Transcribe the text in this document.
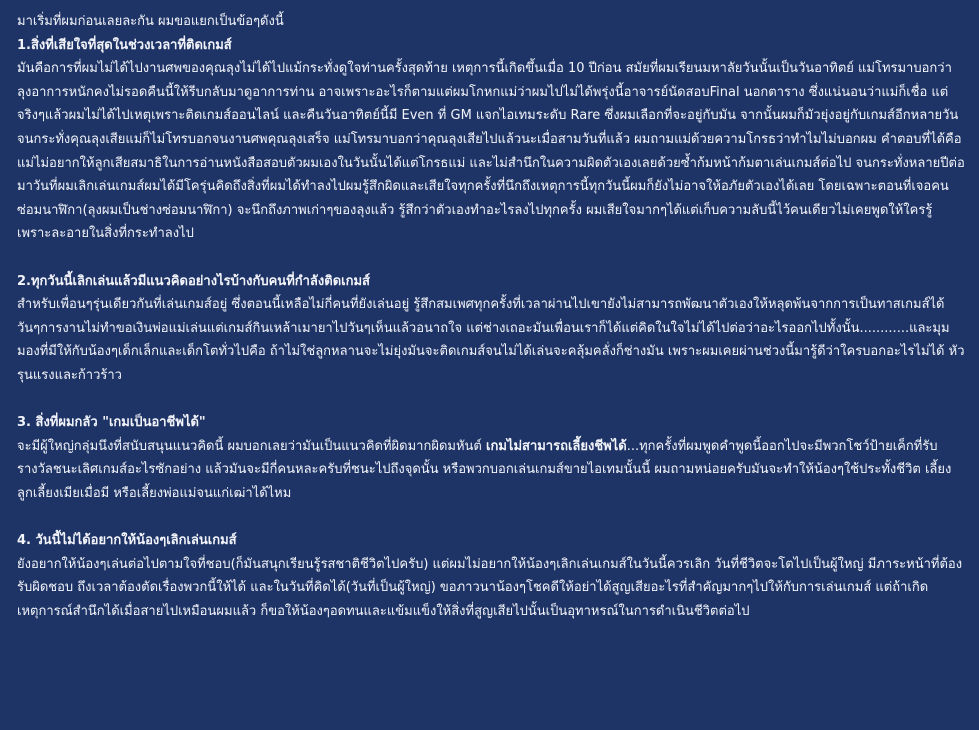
มาเริ่มที่ผมก่อนเลยละกัน ผมขอแยกเป็นข้อๆดังนี้

1.สิ่งที่เสียใจที่สุดในช่วงเวลาที่ติดเกมส์

มันคือการที่ผมไม่ได้ไปงานศพของคุณลุงไม่ได้ไปแม้กระทั่งดูใจท่านครั้งสุดท้าย เหตุการนี้เกิดขึ้นเมื่อ 10 ปีก่อน สมัยที่ผมเรียนมหาลัยวันนั้นเป็นวันอาทิตย์ แม่โทรมาบอกว่าลุงอาการหนักคงไม่รอดคืนนี้ให้รีบกลับมาดูอาการท่าน อาจเพราะอะไรก็ตามแต่ผมโกหกแม่ว่าผมไปไม่ได้พรุ่งนี้อาจารย์นัดสอบFinal นอกตาราง ซึ่งแน่นอนว่าแม่ก็เชื่อ แต่จริงๆแล้วผมไม่ได้ไปเหตุเพราะติดเกมส์ออนไลน์ และคืนวันอาทิตย์นี้มี Even ที่ GM แจกไอเทมระดับ Rare ซึ่งผมเลือกที่จะอยู่กับมัน จากนั้นผมก็มัวยุ่งอยู่กับเกมส์อีกหลายวัน จนกระทั่งคุณลุงเสียแม่ก็ไม่โทรบอกจนงานศพคุณลุงเสร็จ แม่โทรมาบอกว่าคุณลุงเสียไปแล้วนะเมื่อสามวันที่แล้ว ผมถามแม่ด้วยความโกรธว่าทำไมไม่บอกผม คำตอบที่ได้คือ แม่ไม่อยากให้ลูกเสียสมาธิในการอ่านหนังสือสอบตัวผมเองในวันนั้นได้แต่โกรธแม่ และไม่สำนึกในความผิดตัวเองเลยด้วยซ้ำก้มหน้าก้มตาเล่นเกมส์ต่อไป จนกระทั่งหลายปีต่อมาวันที่ผมเลิกเล่นเกมส์ผมได้มีโครุ่นคิดถึงสิ่งที่ผมได้ทำลงไปผมรู้สึกผิดและเสียใจทุกครั้งที่นึกถึงเหตุการนี้ทุกวันนี้ผมก็ยังไม่อาจให้อภัยตัวเองได้เลย โดยเฉพาะตอนที่เจอคนซ่อมนาฬิกา(ลุงผมเป็นช่างซ่อมนาฬิกา) จะนึกถึงภาพเก่าๆของลุงแล้ว รู้สึกว่าตัวเองทำอะไรลงไปทุกครั้ง ผมเสียใจมากๆได้แต่เก็บความลับนี้ไว้คนเดียวไม่เคยพูดให้ใครรู้เพราะละอายในสิ่งที่กระทำลงไป

2.ทุกวันนี้เลิกเล่นแล้วมีแนวคิดอย่างไรบ้างกับคนที่กำลังติดเกมส์

สำหรับเพื่อนๆรุ่นเดียวกันที่เล่นเกมส์อยู่ ซึ่งตอนนี้เหลือไม่กี่คนที่ยังเล่นอยู่ รู้สึกสมเพศทุกครั้งที่เวลาผ่านไปเขายังไม่สามารถพัฒนาตัวเองให้หลุดพ้นจากการเป็นทาสเกมส์ได้ วันๆการงานไม่ทำขอเงินพ่อแม่เล่นแต่เกมส์กินเหล้าเมายาไปวันๆเห็นแล้วอนาถใจ แต่ช่างเถอะมันเพื่อนเราก็ได้แต่คิดในใจไม่ได้ไปต่อว่าอะไรออกไปทั้งนั้น............และมุมมองที่มีให้กับน้องๆเด็กเล็กและเด็กโตทั่วไปคือ ถ้าไม่ใช่ลูกหลานจะไม่ยุ่งมันจะติดเกมส์จนไม่ได้เล่นจะคลุ้มคลั่งก็ช่างมัน เพราะผมเคยผ่านช่วงนี้มารู้ดีว่าใครบอกอะไรไม่ได้ หัวรุนแรงและก้าวร้าว

3. สิ่งที่ผมกลัว "เกมเป็นอาชีพได้"

จะมีผู้ใหญ่กลุ่มนึงที่สนับสนุนแนวคิดนี้ ผมบอกเลยว่ามันเป็นแนวคิดที่ผิดมากผิดมหันต์ เกมไม่สามารถเลี้ยงชีพได้...ทุกครั้งที่ผมพูดคำพูดนี้ออกไปจะมีพวกโชว์ป้ายเค็กที่รับรางวัลชนะเลิศเกมส์อะไรซักอย่าง แล้วมันจะมีกี่คนหละครับที่ชนะไปถึงจุดนั้น หรือพวกบอกเล่นเกมส์ขายไอเทมนั้นนี้ ผมถามหน่อยครับมันจะทำให้น้องๆใช้ประทั้งชีวิต เลี้ยงลูกเลี้ยงเมียเมื่อมี หรือเลี้ยงพ่อแม่จนแก่เฒ่าได้ไหม

4. วันนี้ไม่ได้อยากให้น้องๆเลิกเล่นเกมส์

ยังอยากให้น้องๆเล่นต่อไปตามใจที่ชอบ(ก็มันสนุกเรียนรู้รสชาติชีวิตไปครับ) แต่ผมไม่อยากให้น้องๆเลิกเล่นเกมส์ในวันนี้ควรเลิก วันที่ชีวิตจะโตไปเป็นผู้ใหญ่ มีภาระหน้าที่ต้องรับผิดชอบ ถึงเวลาต้องตัดเรื่องพวกนี้ให้ได้ และในวันที่คิดได้(วันที่เป็นผู้ใหญ่) ขอภาวนาน้องๆโชคดีให้อย่าได้สูญเสียอะไรที่สำคัญมากๆไปให้กับการเล่นเกมส์ แต่ถ้าเกิดเหตุการณ์สำนึกได้เมื่อสายไปเหมือนผมแล้ว ก็ขอให้น้องๆอดทนและแข้มแข็งให้สิ่งที่สูญเสียไปนั้นเป็นอุทาหรณ์ในการดำเนินชีวิตต่อไป
